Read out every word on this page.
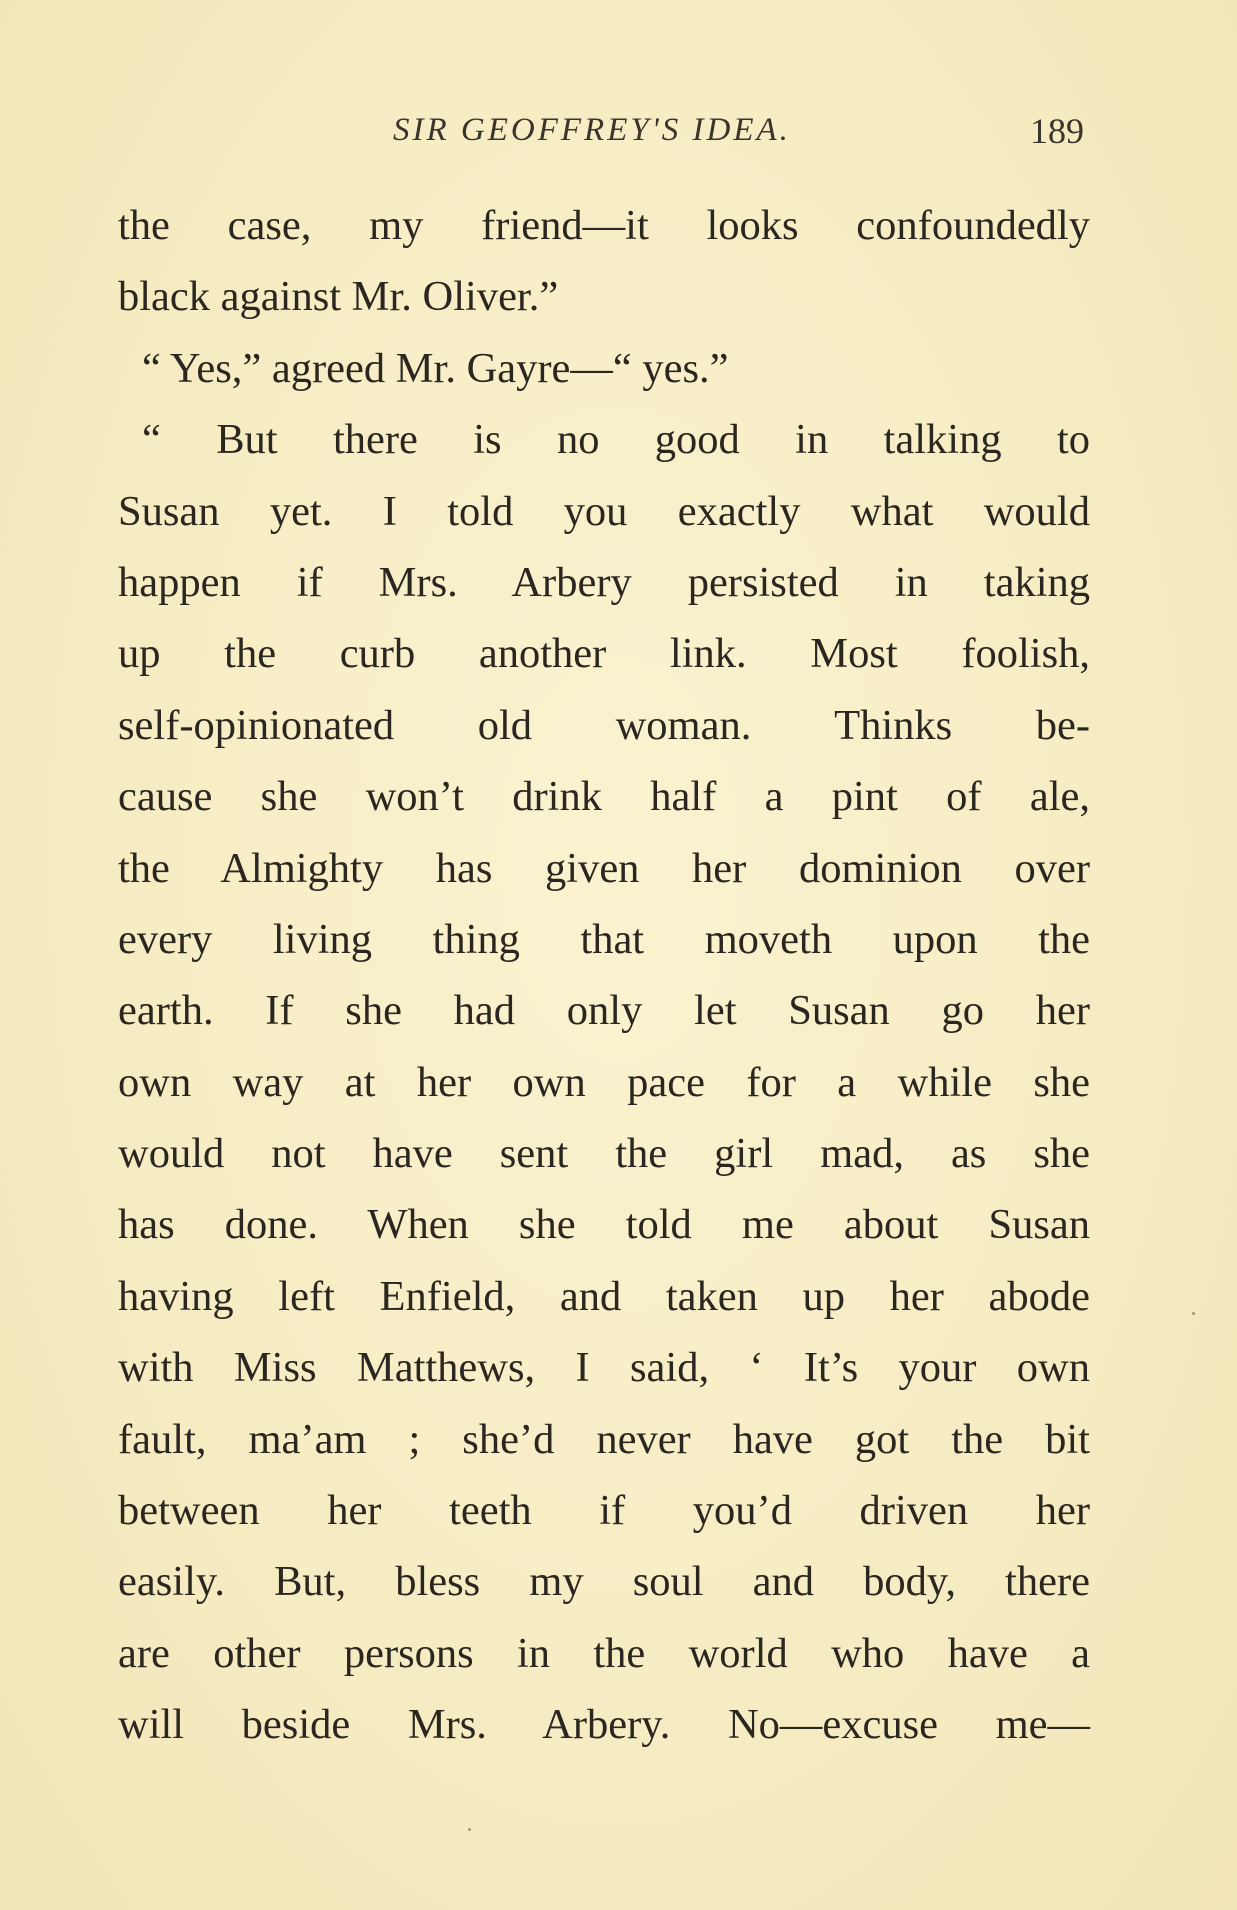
SIR GEOFFREY'S IDEA.	189
the case, my friend—it looks confoundedly
black against Mr. Oliver.”
“ Yes,” agreed Mr. Gayre—“ yes.”
“ But there is no good in talking to
Susan yet. I told you exactly what would
happen if Mrs. Arbery persisted in taking
up the curb another link. Most foolish,
self-opinionated old woman. Thinks be-
cause she won’t drink half a pint of ale,
the Almighty has given her dominion over
every living thing that moveth upon the
earth. If she had only let Susan go her
own way at her own pace for a while she
would not have sent the girl mad, as she
has done. When she told me about Susan
having left Enfield, and taken up her abode
with Miss Matthews, I said, ‘ It’s your own
fault, ma’am ; she’d never have got the bit
between her teeth if you’d driven her
easily. But, bless my soul and body, there
are other persons in the world who have a
will beside Mrs. Arbery. No—excuse me—
